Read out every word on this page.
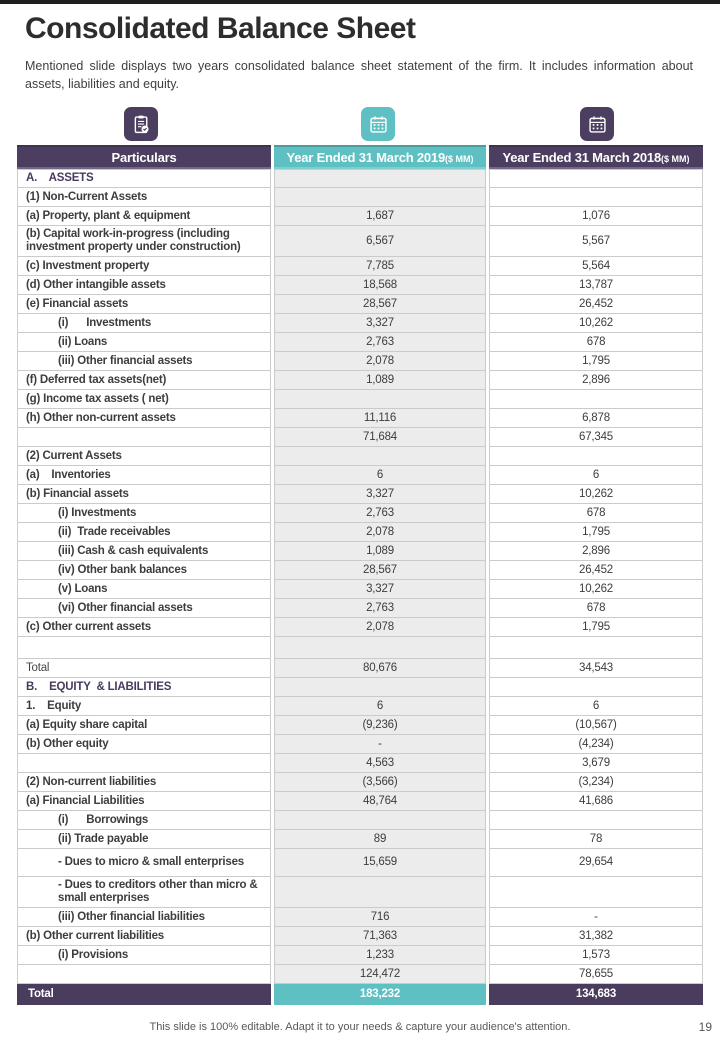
Consolidated Balance Sheet
Mentioned slide displays two years consolidated balance sheet statement of the firm. It includes information about assets, liabilities and equity.
Particulars	Year Ended 31 March 2019($ MM)	Year Ended 31 March 2018($ MM)
A.    ASSETS		
(1) Non-Current Assets		
(a) Property, plant & equipment	1,687	1,076
(b) Capital work-in-progress (including investment property under construction)	6,567	5,567
(c) Investment property	7,785	5,564
(d) Other intangible assets	18,568	13,787
(e) Financial assets	28,567	26,452
(i)      Investments	3,327	10,262
(ii) Loans	2,763	678
(iii) Other financial assets	2,078	1,795
(f) Deferred tax assets(net)	1,089	2,896
(g) Income tax assets ( net)		
(h) Other non-current assets	11,116	6,878
	71,684	67,345
(2) Current Assets		
(a)    Inventories	6	6
(b) Financial assets	3,327	10,262
(i) Investments	2,763	678
(ii)  Trade receivables	2,078	1,795
(iii) Cash & cash equivalents	1,089	2,896
(iv) Other bank balances	28,567	26,452
(v) Loans	3,327	10,262
(vi) Other financial assets	2,763	678
(c) Other current assets	2,078	1,795

Total	80,676	34,543
B.    EQUITY  & LIABILITIES		
1.    Equity	6	6
(a) Equity share capital	(9,236)	(10,567)
(b) Other equity	-	(4,234)
	4,563	3,679
(2) Non-current liabilities	(3,566)	(3,234)
(a) Financial Liabilities	48,764	41,686
(i)      Borrowings		
(ii) Trade payable	89	78
- Dues to micro & small enterprises	15,659	29,654
- Dues to creditors other than micro & small enterprises		
(iii) Other financial liabilities	716	-
(b) Other current liabilities	71,363	31,382
(i) Provisions	1,233	1,573
	124,472	78,655
Total	183,232	134,683
This slide is 100% editable. Adapt it to your needs & capture your audience's attention.	19
